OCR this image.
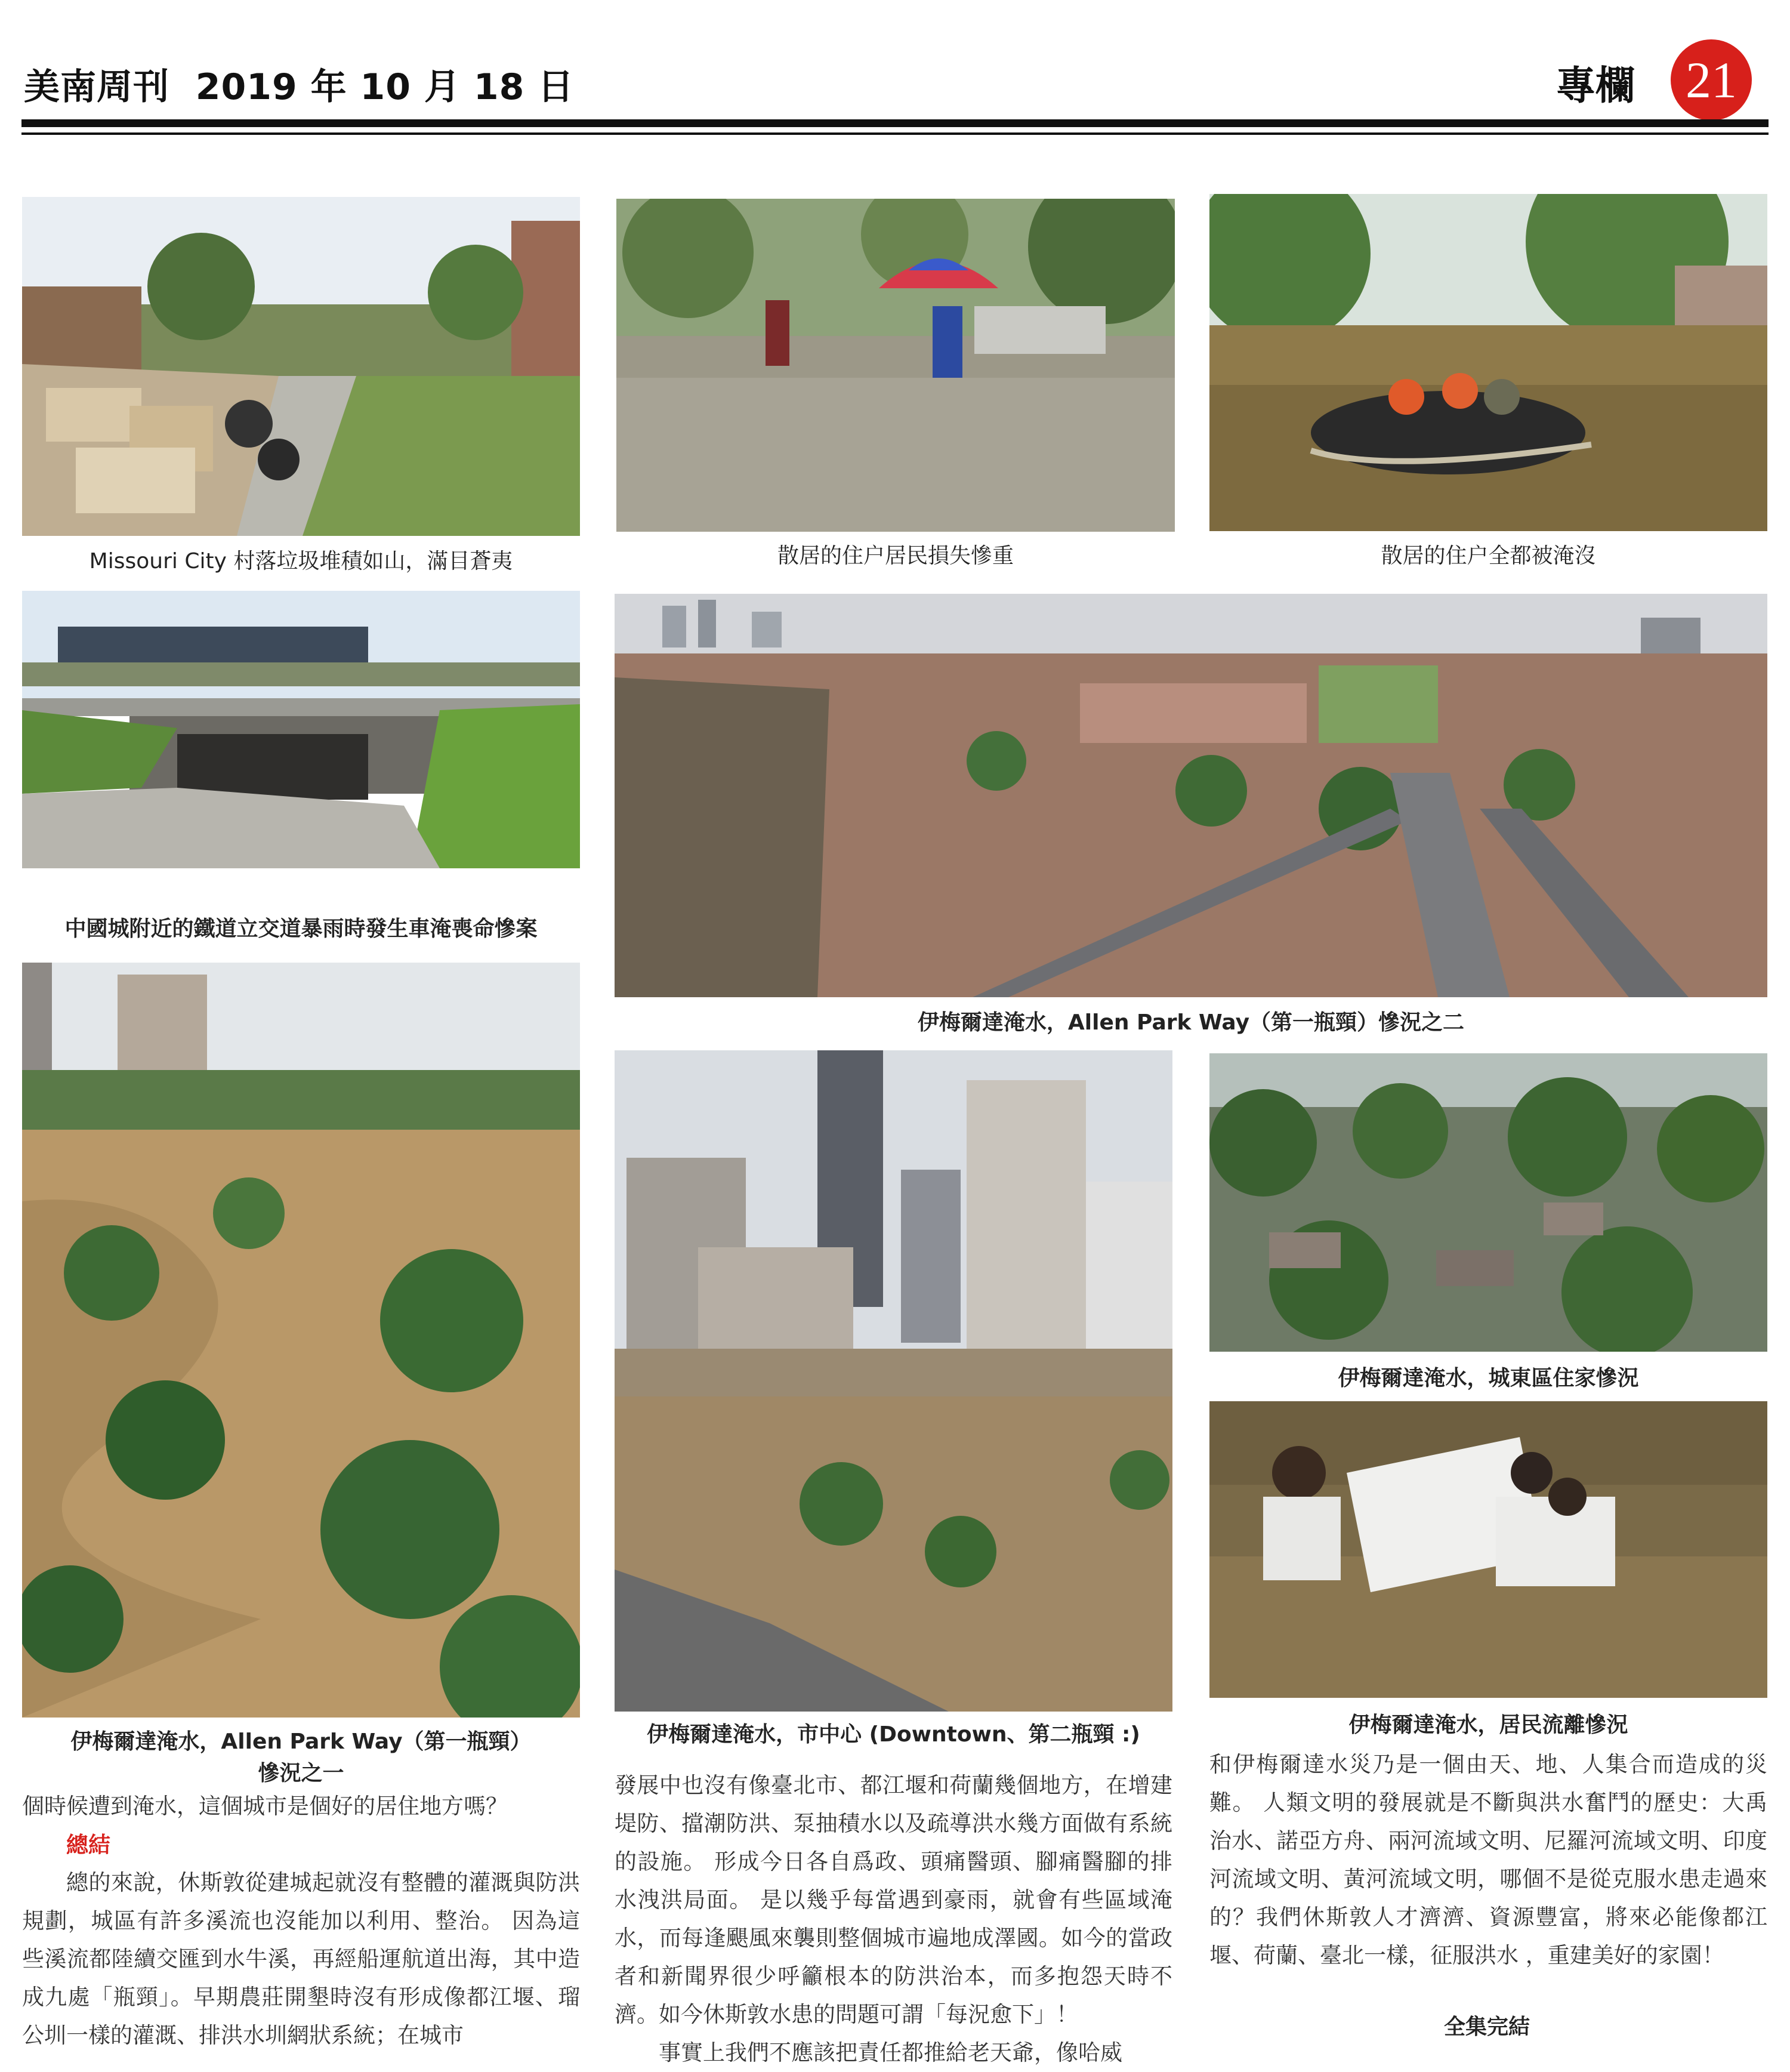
美南周刊 2019 年 10 月 18 日	專欄 21
Missouri City 村落垃圾堆積如山，滿目蒼夷	散居的住户居民損失慘重	散居的住户全都被淹沒
中國城附近的鐵道立交道暴雨時發生車淹喪命慘案
伊梅爾達淹水，Allen Park Way（第一瓶頸）慘況之二
伊梅爾達淹水，Allen Park Way（第一瓶頸）
慘況之一
伊梅爾達淹水，市中心 (Downtown、第二瓶頸 :)
伊梅爾達淹水，城東區住家慘況
伊梅爾達淹水，居民流離慘況

個時候遭到淹水，這個城市是個好的居住地方嗎？

總結

總的來說，休斯敦從建城起就沒有整體的灌溉與防洪規劃，城區有許多溪流也沒能加以利用、整治。 因為這些溪流都陸續交匯到水牛溪，再經船運航道出海，其中造成九處「瓶頸」。早期農莊開墾時沒有形成像都江堰、瑠公圳一樣的灌溉、排洪水圳網狀系統；在城市

發展中也沒有像臺北市、都江堰和荷蘭幾個地方，在增建堤防、擋潮防洪、泵抽積水以及疏導洪水幾方面做有系統的設施。 形成今日各自爲政、頭痛醫頭、腳痛醫腳的排水洩洪局面。 是以幾乎每當遇到豪雨，就會有些區域淹水，而每逢颶風來襲則整個城市遍地成澤國。如今的當政者和新聞界很少呼籲根本的防洪治本，而多抱怨天時不濟。如今休斯敦水患的問題可謂「每況愈下」！

事實上我們不應該把責任都推給老天爺，像哈威

和伊梅爾達水災乃是一個由天、地、人集合而造成的災難。 人類文明的發展就是不斷與洪水奮鬥的歷史：大禹治水、諾亞方舟、兩河流域文明、尼羅河流域文明、印度河流域文明、黃河流域文明，哪個不是從克服水患走過來的？我們休斯敦人才濟濟、資源豐富，將來必能像都江堰、荷蘭、臺北一樣，征服洪水 ，重建美好的家園！

全集完結
